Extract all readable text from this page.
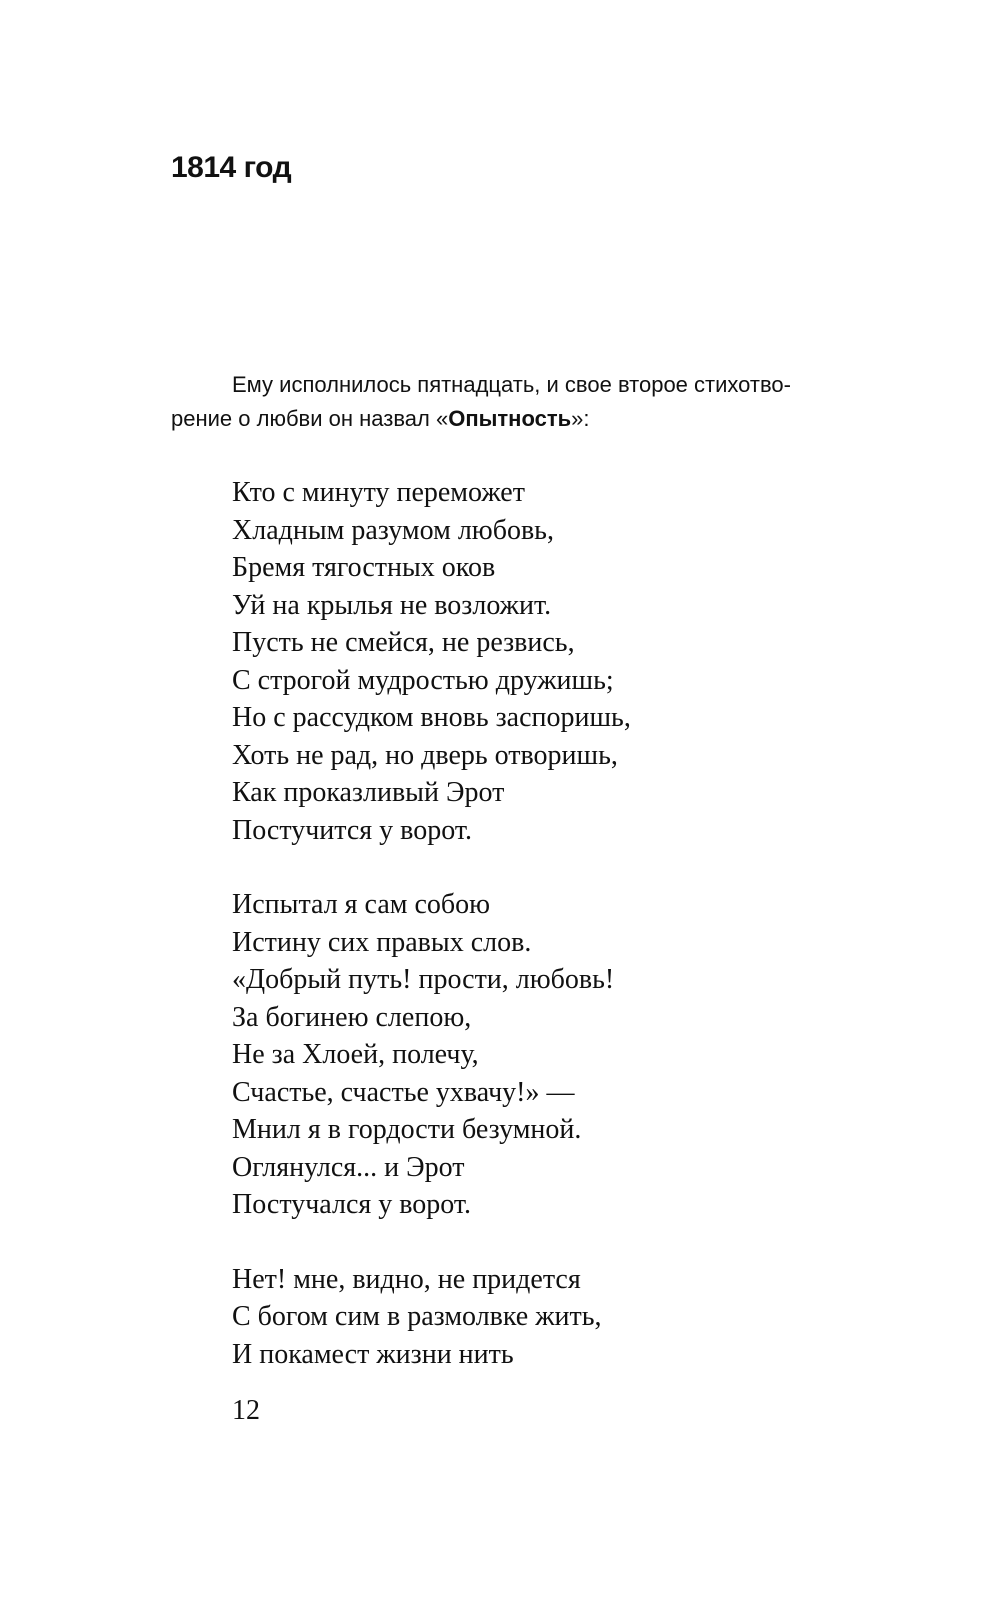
1814 год

Ему исполнилось пятнадцать, и свое второе стихотво-
рение о любви он назвал «Опытность»:

Кто с минуту переможет
Хладным разумом любовь,
Бремя тягостных оков
Уй на крылья не возложит.
Пусть не смейся, не резвись,
С строгой мудростью дружишь;
Но с рассудком вновь заспоришь,
Хоть не рад, но дверь отворишь,
Как проказливый Эрот
Постучится у ворот.
Испытал я сам собою
Истину сих правых слов.
«Добрый путь! прости, любовь!
За богинею слепою,
Не за Хлоей, полечу,
Счастье, счастье ухвачу!» —
Мнил я в гордости безумной.
Оглянулся... и Эрот
Постучался у ворот.
Нет! мне, видно, не придется
С богом сим в размолвке жить,
И покамест жизни нить

12
